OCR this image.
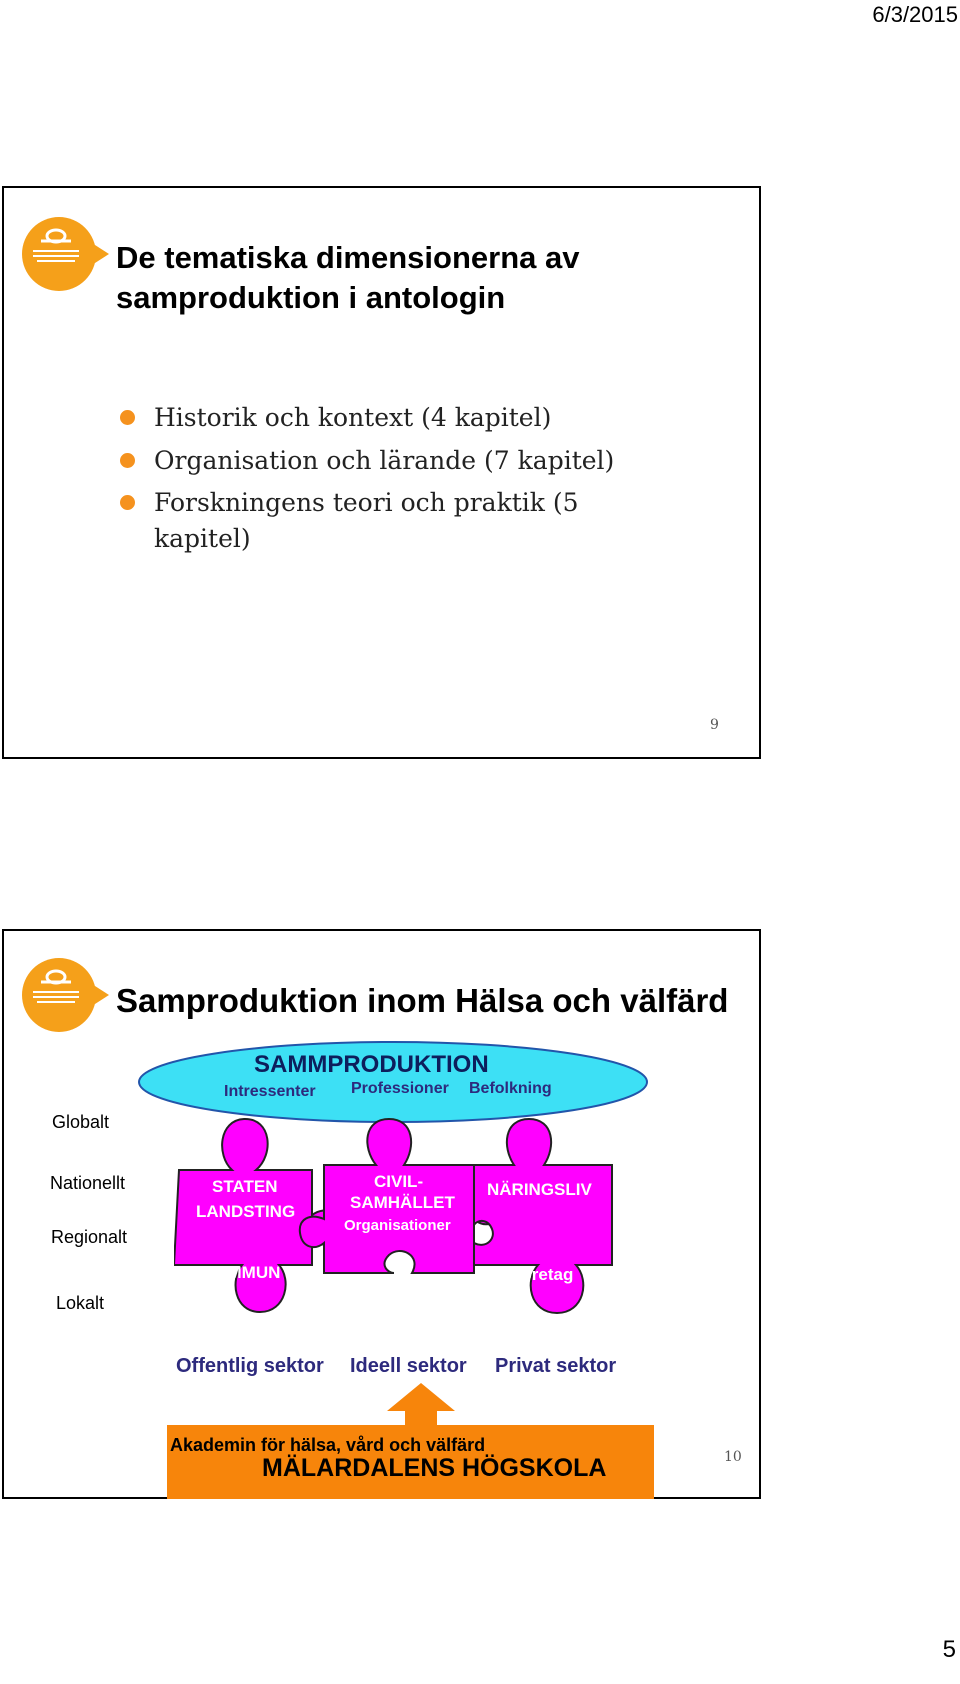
6/3/2015
De tematiska dimensionerna av
samproduktion i antologin
Historik och kontext (4 kapitel)
Organisation och lärande (7 kapitel)
Forskningens teori och praktik (5
kapitel)
9
Samproduktion inom Hälsa och välfärd
SAMMPRODUKTION
Intressenter Professioner Befolkning
Globalt
Nationellt
Regionalt
Lokalt
STATEN
LANDSTING
KOMMUN
CIVIL-
SAMHÄLLET
Organisationer
NÄRINGSLIV
Företag
Offentlig sektor Ideell sektor Privat sektor
Akademin för hälsa, vård och välfärd
MÄLARDALENS HÖGSKOLA	10
5
